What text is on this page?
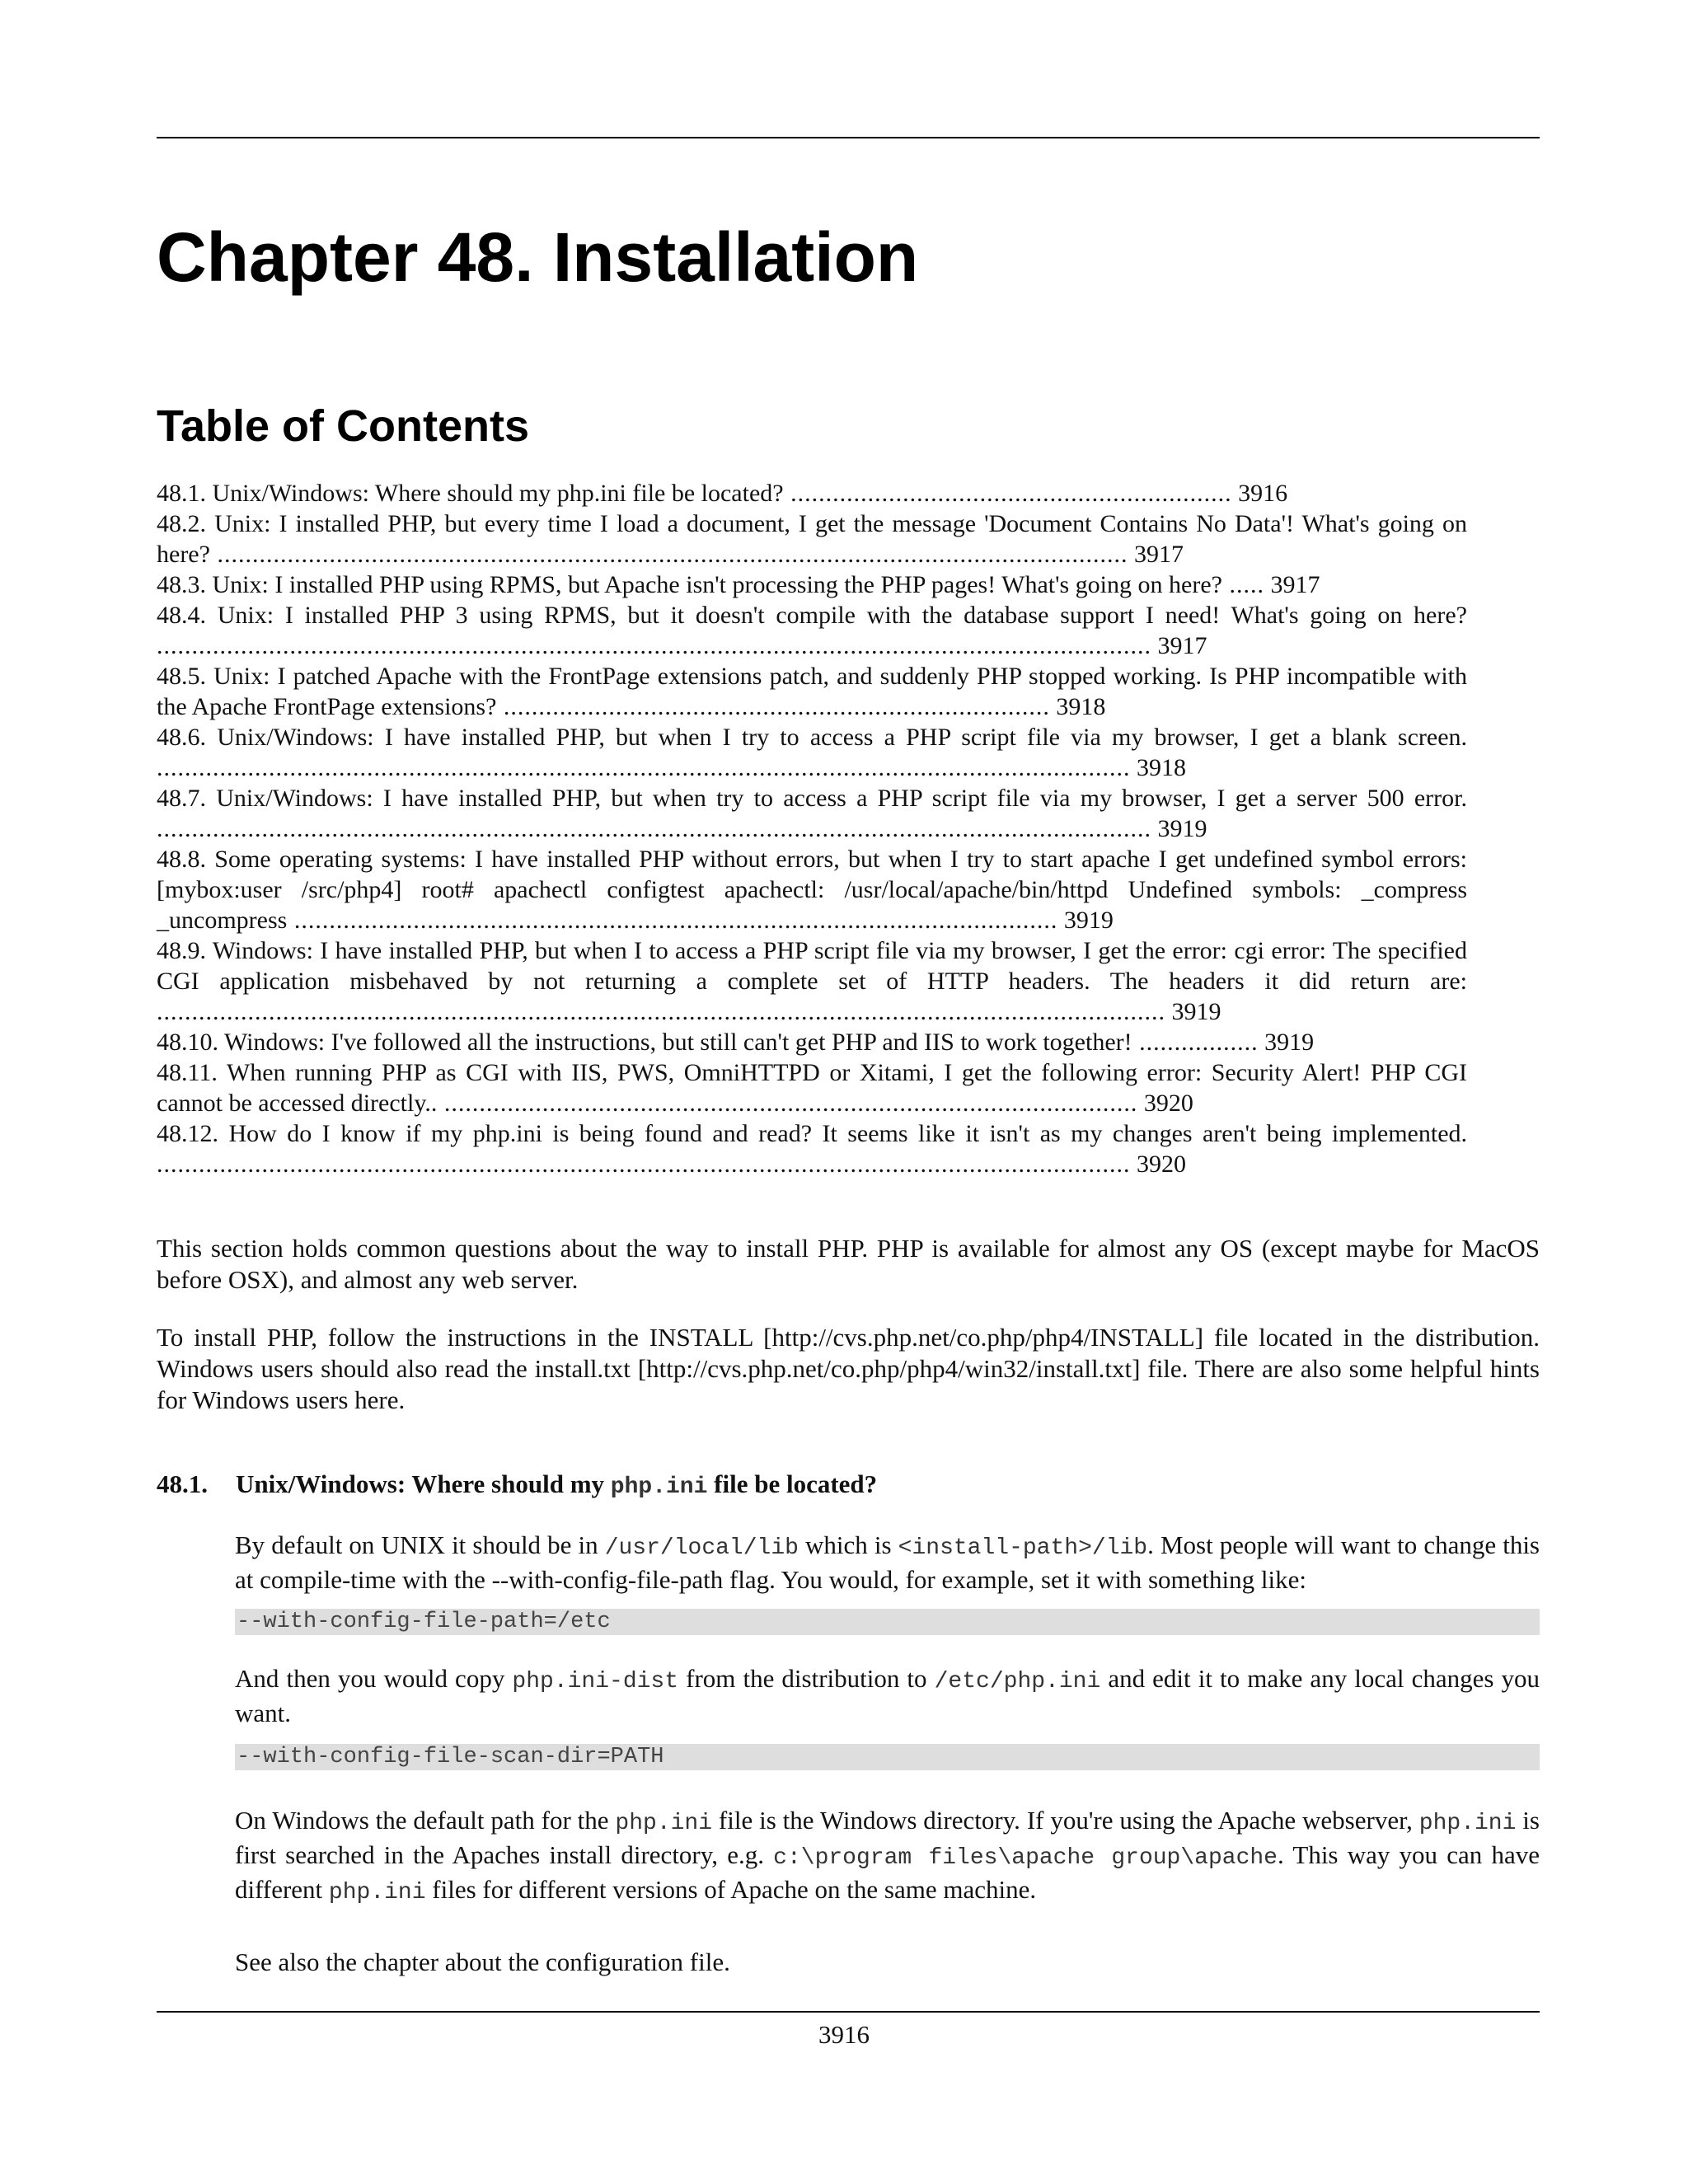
Chapter 48. Installation
Table of Contents
48.1. Unix/Windows: Where should my php.ini file be located? ............................................................... 3916
48.2. Unix: I installed PHP, but every time I load a document, I get the message 'Document Contains No Data'! What's going on here? .................................................................................................................................. 3917
48.3. Unix: I installed PHP using RPMS, but Apache isn't processing the PHP pages! What's going on here? ..... 3917
48.4. Unix: I installed PHP 3 using RPMS, but it doesn't compile with the database support I need! What's going on here? .............................................................................................................................................. 3917
48.5. Unix: I patched Apache with the FrontPage extensions patch, and suddenly PHP stopped working. Is PHP incompatible with the Apache FrontPage extensions? .............................................................................. 3918
48.6. Unix/Windows: I have installed PHP, but when I try to access a PHP script file via my browser, I get a blank screen. ........................................................................................................................................... 3918
48.7. Unix/Windows: I have installed PHP, but when try to access a PHP script file via my browser, I get a server 500 error. .............................................................................................................................................. 3919
48.8. Some operating systems: I have installed PHP without errors, but when I try to start apache I get undefined symbol errors: [mybox:user /src/php4] root# apachectl configtest apachectl: /usr/local/apache/bin/httpd Undefined symbols: _compress _uncompress ............................................................................................................. 3919
48.9. Windows: I have installed PHP, but when I to access a PHP script file via my browser, I get the error: cgi error: The specified CGI application misbehaved by not returning a complete set of HTTP headers. The headers it did return are: ................................................................................................................................................ 3919
48.10. Windows: I've followed all the instructions, but still can't get PHP and IIS to work together! ................. 3919
48.11. When running PHP as CGI with IIS, PWS, OmniHTTPD or Xitami, I get the following error: Security Alert! PHP CGI cannot be accessed directly.. ................................................................................................... 3920
48.12. How do I know if my php.ini is being found and read? It seems like it isn't as my changes aren't being implemented. ........................................................................................................................................... 3920

This section holds common questions about the way to install PHP. PHP is available for almost any OS (except maybe for MacOS before OSX), and almost any web server.

To install PHP, follow the instructions in the INSTALL [http://cvs.php.net/co.php/php4/INSTALL] file located in the distribution. Windows users should also read the install.txt [http://cvs.php.net/co.php/php4/win32/install.txt] file. There are also some helpful hints for Windows users here.

48.1. Unix/Windows: Where should my php.ini file be located?

By default on UNIX it should be in /usr/local/lib which is <install-path>/lib. Most people will want to change this at compile-time with the --with-config-file-path flag. You would, for example, set it with something like:

--with-config-file-path=/etc

And then you would copy php.ini-dist from the distribution to /etc/php.ini and edit it to make any local changes you want.

--with-config-file-scan-dir=PATH

On Windows the default path for the php.ini file is the Windows directory. If you're using the Apache webserver, php.ini is first searched in the Apaches install directory, e.g. c:\program files\apache group\apache. This way you can have different php.ini files for different versions of Apache on the same machine.

See also the chapter about the configuration file.

3916
